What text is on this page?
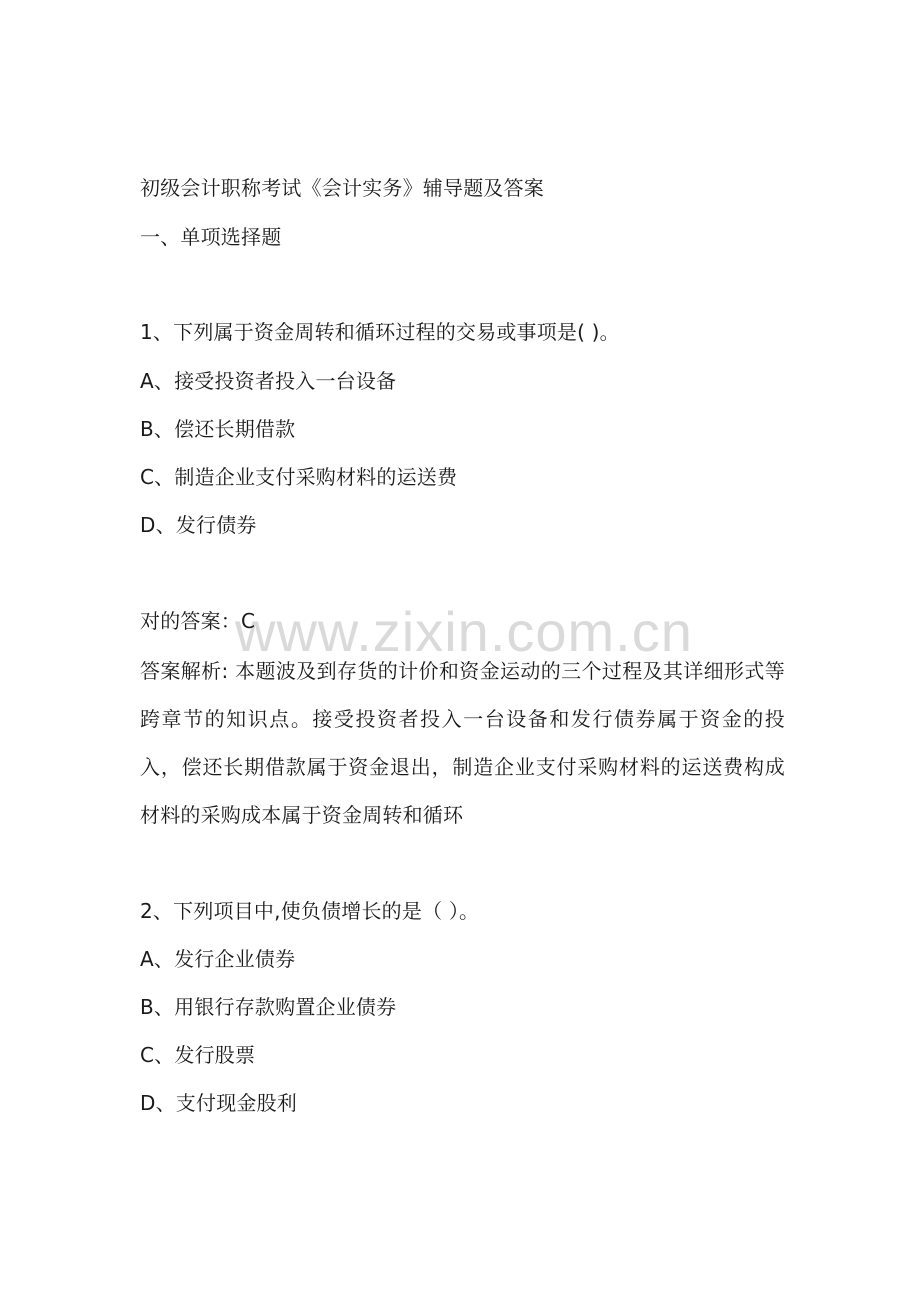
www.zixin.com.cn
初级会计职称考试《会计实务》辅导题及答案
一、单项选择题
1、下列属于资金周转和循环过程的交易或事项是( )。
A、接受投资者投入一台设备
B、偿还长期借款
C、制造企业支付采购材料的运送费
D、发行债券
对的答案：C
答案解析: 本题波及到存货的计价和资金运动的三个过程及其详细形式等跨章节的知识点。接受投资者投入一台设备和发行债券属于资金的投入，偿还长期借款属于资金退出，制造企业支付采购材料的运送费构成材料的采购成本属于资金周转和循环
2、下列项目中,使负债增长的是（ ）。
A、发行企业债券
B、用银行存款购置企业债券
C、发行股票
D、支付现金股利
